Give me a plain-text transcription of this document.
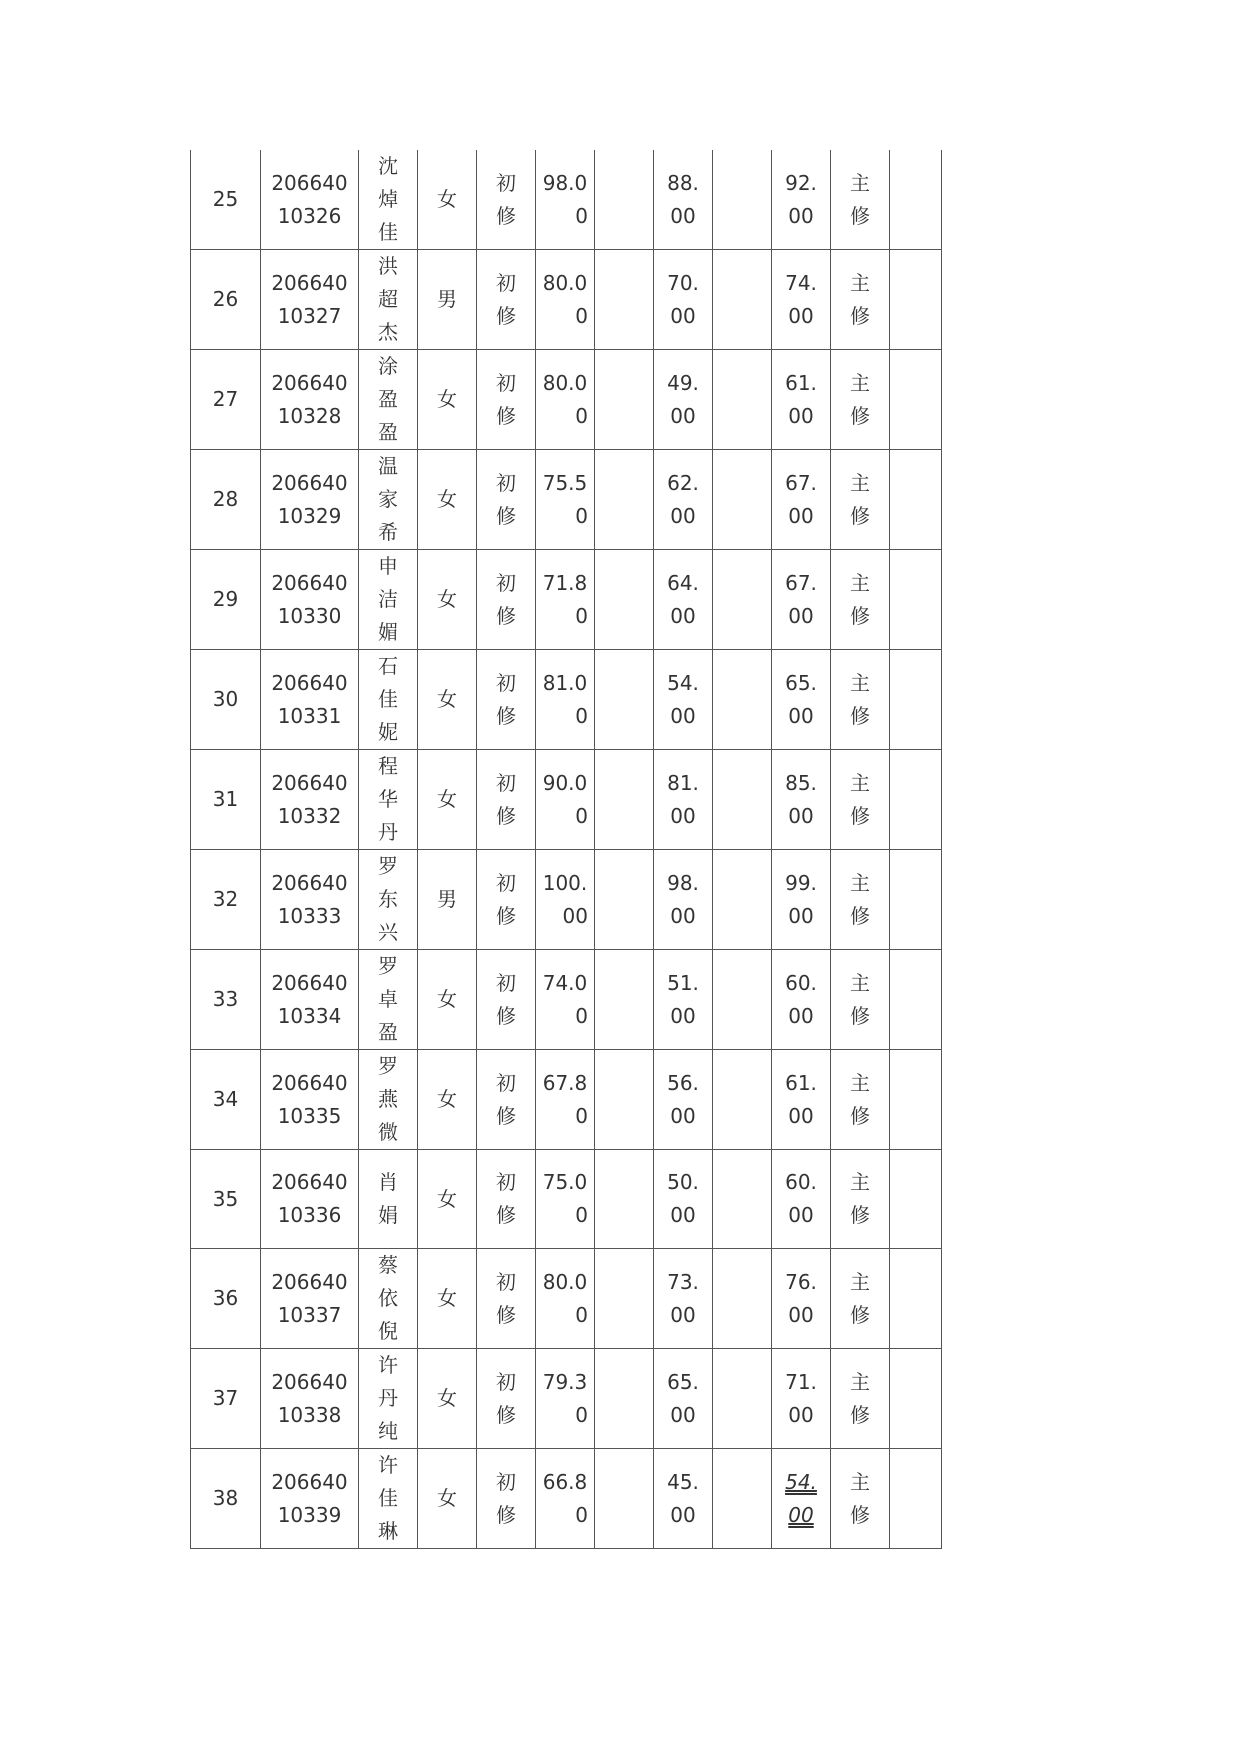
25	206640
10326	沈
焯
佳	女	初
修	98.0
0		88.
00		92.
00	主
修	

26	206640
10327	洪
超
杰	男	初
修	80.0
0		70.
00		74.
00	主
修	

27	206640
10328	涂
盈
盈	女	初
修	80.0
0		49.
00		61.
00	主
修	

28	206640
10329	温
家
希	女	初
修	75.5
0		62.
00		67.
00	主
修	

29	206640
10330	申
洁
媚	女	初
修	71.8
0		64.
00		67.
00	主
修	

30	206640
10331	石
佳
妮	女	初
修	81.0
0		54.
00		65.
00	主
修	

31	206640
10332	程
华
丹	女	初
修	90.0
0		81.
00		85.
00	主
修	

32	206640
10333	罗
东
兴	男	初
修	100.
00		98.
00		99.
00	主
修	

33	206640
10334	罗
卓
盈	女	初
修	74.0
0		51.
00		60.
00	主
修	

34	206640
10335	罗
燕
微	女	初
修	67.8
0		56.
00		61.
00	主
修	

35	206640
10336	肖
娟	女	初
修	75.0
0		50.
00		60.
00	主
修	

36	206640
10337	蔡
依
倪	女	初
修	80.0
0		73.
00		76.
00	主
修	

37	206640
10338	许
丹
纯	女	初
修	79.3
0		65.
00		71.
00	主
修	

38	206640
10339	许
佳
琳	女	初
修	66.8
0		45.
00		54.
00	主
修	
